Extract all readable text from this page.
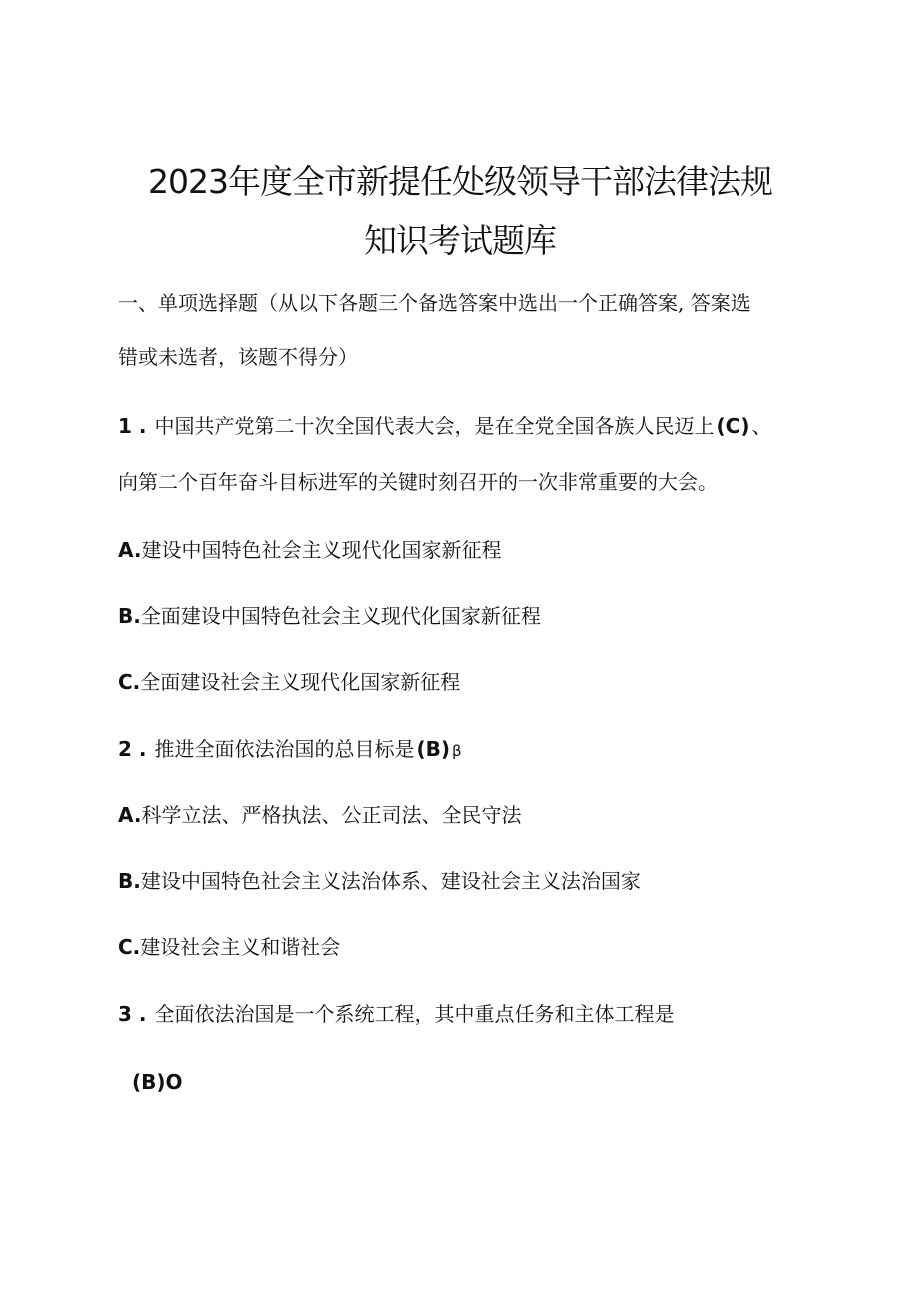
2023年度全市新提任处级领导干部法律法规
知识考试题库
一、单项选择题（从以下各题三个备选答案中选出一个正确答案, 答案选
错或未选者，该题不得分）
1 . 中国共产党第二十次全国代表大会，是在全党全国各族人民迈上 (C) 、
向第二个百年奋斗目标进军的关键时刻召开的一次非常重要的大会。
A.建设中国特色社会主义现代化国家新征程
B.全面建设中国特色社会主义现代化国家新征程
C.全面建设社会主义现代化国家新征程
2 . 推进全面依法治国的总目标是 (B) β
A.科学立法、严格执法、公正司法、全民守法
B.建设中国特色社会主义法治体系、建设社会主义法治国家
C.建设社会主义和谐社会
3 . 全面依法治国是一个系统工程，其中重点任务和主体工程是
(B)O
